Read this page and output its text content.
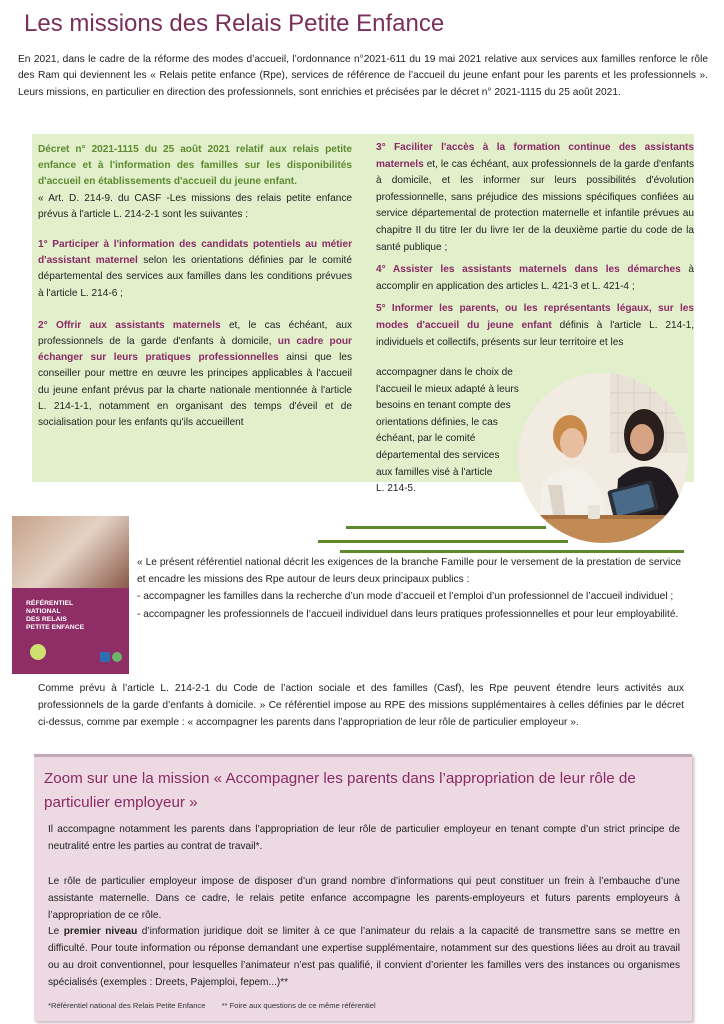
Les missions des Relais Petite Enfance
En 2021, dans le cadre de la réforme des modes d’accueil, l’ordonnance n°2021-611 du 19 mai 2021 relative aux services aux familles renforce le rôle des Ram qui deviennent les « Relais petite enfance (Rpe), services de référence de l’accueil du jeune enfant pour les parents et les professionnels ». Leurs missions, en particulier en direction des professionnels, sont enrichies et précisées par le décret n° 2021-1115 du 25 août 2021.

Décret n° 2021-1115 du 25 août 2021 relatif aux relais petite enfance et à l'information des familles sur les disponibilités d'accueil en établissements d'accueil du jeune enfant.
« Art. D. 214-9. du CASF -Les missions des relais petite enfance prévus à l'article L. 214-2-1 sont les suivantes :

1° Participer à l'information des candidats potentiels au métier d'assistant maternel selon les orientations définies par le comité départemental des services aux familles dans les conditions prévues à l'article L. 214-6 ;

2° Offrir aux assistants maternels et, le cas échéant, aux professionnels de la garde d'enfants à domicile, un cadre pour échanger sur leurs pratiques professionnelles ainsi que les conseiller pour mettre en œuvre les principes applicables à l'accueil du jeune enfant prévus par la charte nationale mentionnée à l'article L. 214-1-1, notamment en organisant des temps d'éveil et de socialisation pour les enfants qu'ils accueillent

3° Faciliter l'accès à la formation continue des assistants maternels et, le cas échéant, aux professionnels de la garde d'enfants à domicile, et les informer sur leurs possibilités d'évolution professionnelle, sans préjudice des missions spécifiques confiées au service départemental de protection maternelle et infantile prévues au chapitre II du titre Ier du livre Ier de la deuxième partie du code de la santé publique ;

4° Assister les assistants maternels dans les démarches à accomplir en application des articles L. 421-3 et L. 421-4 ;

5° Informer les parents, ou les représentants légaux, sur les modes d'accueil du jeune enfant définis à l'article L. 214-1, individuels et collectifs, présents sur leur territoire et les

accompagner dans le choix de
l'accueil le mieux adapté à leurs
besoins en tenant compte des
orientations définies, le cas
échéant, par le comité
départemental des services
aux familles visé à l'article
L. 214-5.
RÉFÉRENTIEL
NATIONAL
DES RELAIS
PETITE ENFANCE

« Le présent référentiel national décrit les exigences de la branche Famille pour le versement de la prestation de service et encadre les missions des Rpe autour de leurs deux principaux publics :

- accompagner les familles dans la recherche d’un mode d’accueil et l’emploi d’un professionnel de l’accueil individuel ;

- accompagner les professionnels de l’accueil individuel dans leurs pratiques professionnelles et pour leur employabilité.

Comme prévu à l’article L. 214-2-1 du Code de l’action sociale et des familles (Casf), les Rpe peuvent étendre leurs activités aux professionnels de la garde d’enfants à domicile. » Ce référentiel impose au RPE des missions supplémentaires à celles définies par le décret ci-dessus, comme par exemple : « accompagner les parents dans l’appropriation de leur rôle de particulier employeur ».
Zoom sur une la mission « Accompagner les parents dans l’appropriation de leur rôle de particulier employeur »

Il accompagne notamment les parents dans l’appropriation de leur rôle de particulier employeur en tenant compte d’un strict principe de neutralité entre les parties au contrat de travail*.

Le rôle de particulier employeur impose de disposer d’un grand nombre d’informations qui peut constituer un frein à l’embauche d’une assistante maternelle. Dans ce cadre, le relais petite enfance accompagne les parents-employeurs et futurs parents employeurs à l’appropriation de ce rôle.

Le premier niveau d’information juridique doit se limiter à ce que l’animateur du relais a la capacité de transmettre sans se mettre en difficulté. Pour toute information ou réponse demandant une expertise supplémentaire, notamment sur des questions liées au droit au travail ou au droit conventionnel, pour lesquelles l’animateur n’est pas qualifié, il convient d’orienter les familles vers des instances ou organismes spécialisés (exemples : Dreets, Pajemploi, fepem...)**

*Référentiel national des Relais Petite Enfance ** Foire aux questions de ce même référentiel
